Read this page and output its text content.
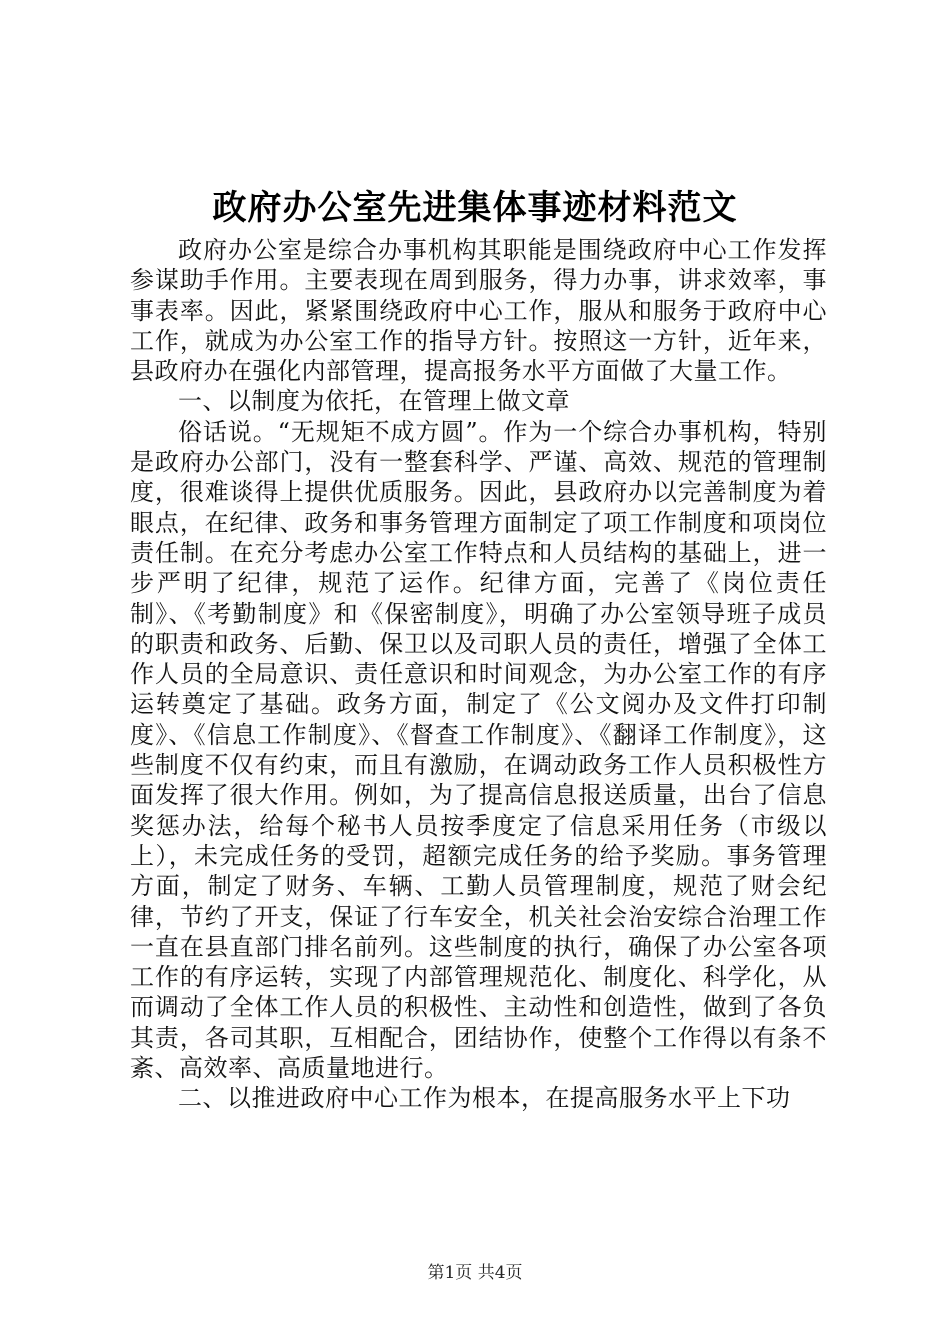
政府办公室先进集体事迹材料范文

政府办公室是综合办事机构其职能是围绕政府中心工作发挥参谋助手作用。主要表现在周到服务，得力办事，讲求效率，事事表率。因此，紧紧围绕政府中心工作，服从和服务于政府中心工作，就成为办公室工作的指导方针。按照这一方针，近年来，县政府办在强化内部管理，提高报务水平方面做了大量工作。

一、以制度为依托，在管理上做文章

俗话说。“无规矩不成方圆”。作为一个综合办事机构，特别是政府办公部门，没有一整套科学、严谨、高效、规范的管理制度，很难谈得上提供优质服务。因此，县政府办以完善制度为着眼点，在纪律、政务和事务管理方面制定了项工作制度和项岗位责任制。在充分考虑办公室工作特点和人员结构的基础上，进一步严明了纪律，规范了运作。纪律方面，完善了《岗位责任制》、《考勤制度》和《保密制度》，明确了办公室领导班子成员的职责和政务、后勤、保卫以及司职人员的责任，增强了全体工作人员的全局意识、责任意识和时间观念，为办公室工作的有序运转奠定了基础。政务方面，制定了《公文阅办及文件打印制度》、《信息工作制度》、《督查工作制度》、《翻译工作制度》，这些制度不仅有约束，而且有激励，在调动政务工作人员积极性方面发挥了很大作用。例如，为了提高信息报送质量，出台了信息奖惩办法，给每个秘书人员按季度定了信息采用任务（市级以上），未完成任务的受罚，超额完成任务的给予奖励。事务管理方面，制定了财务、车辆、工勤人员管理制度，规范了财会纪律，节约了开支，保证了行车安全，机关社会治安综合治理工作一直在县直部门排名前列。这些制度的执行，确保了办公室各项工作的有序运转，实现了内部管理规范化、制度化、科学化，从而调动了全体工作人员的积极性、主动性和创造性，做到了各负其责，各司其职，互相配合，团结协作，使整个工作得以有条不紊、高效率、高质量地进行。

二、以推进政府中心工作为根本，在提高服务水平上下功

第1页 共4页
